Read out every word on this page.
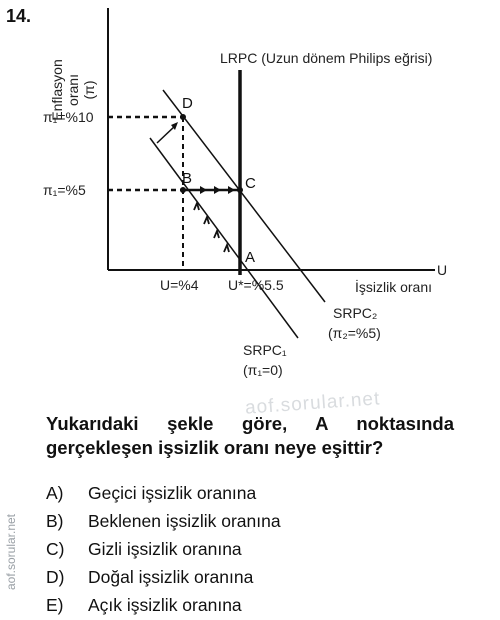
14.
Enflasyon oranı (π)
LRPC (Uzun dönem Philips eğrisi)
D
B	C
A
π₁=%10
π₁=%5
U=%4 U*=%5.5
U
İşsizlik oranı
SRPC₂
(π₂=%5)
SRPC₁
(π₁=0)
aof.sorular.net
Yukarıdaki şekle göre, A noktasında gerçekleşen işsizlik oranı neye eşittir?
A) Geçici işsizlik oranına
B) Beklenen işsizlik oranına
C) Gizli işsizlik oranına
D) Doğal işsizlik oranına
E) Açık işsizlik oranına
aof.sorular.net
